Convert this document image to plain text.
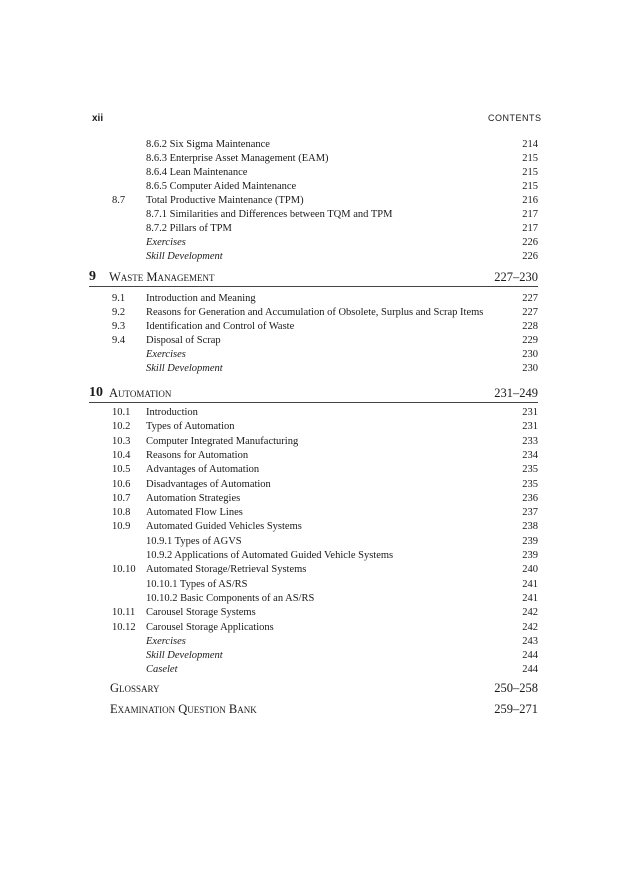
xii	CONTENTS
8.6.2 Six Sigma Maintenance	214
8.6.3 Enterprise Asset Management (EAM)	215
8.6.4 Lean Maintenance	215
8.6.5 Computer Aided Maintenance	215
8.7 Total Productive Maintenance (TPM)	216
8.7.1 Similarities and Differences between TQM and TPM	217
8.7.2 Pillars of TPM	217
Exercises	226
Skill Development	226
9 Waste Management	227–230
9.1 Introduction and Meaning	227
9.2 Reasons for Generation and Accumulation of Obsolete, Surplus and Scrap Items	227
9.3 Identification and Control of Waste	228
9.4 Disposal of Scrap	229
Exercises	230
Skill Development	230
10 Automation	231–249
10.1 Introduction	231
10.2 Types of Automation	231
10.3 Computer Integrated Manufacturing	233
10.4 Reasons for Automation	234
10.5 Advantages of Automation	235
10.6 Disadvantages of Automation	235
10.7 Automation Strategies	236
10.8 Automated Flow Lines	237
10.9 Automated Guided Vehicles Systems	238
10.9.1 Types of AGVS	239
10.9.2 Applications of Automated Guided Vehicle Systems	239
10.10 Automated Storage/Retrieval Systems	240
10.10.1 Types of AS/RS	241
10.10.2 Basic Components of an AS/RS	241
10.11 Carousel Storage Systems	242
10.12 Carousel Storage Applications	242
Exercises	243
Skill Development	244
Caselet	244
Glossary	250–258
Examination Question Bank	259–271
